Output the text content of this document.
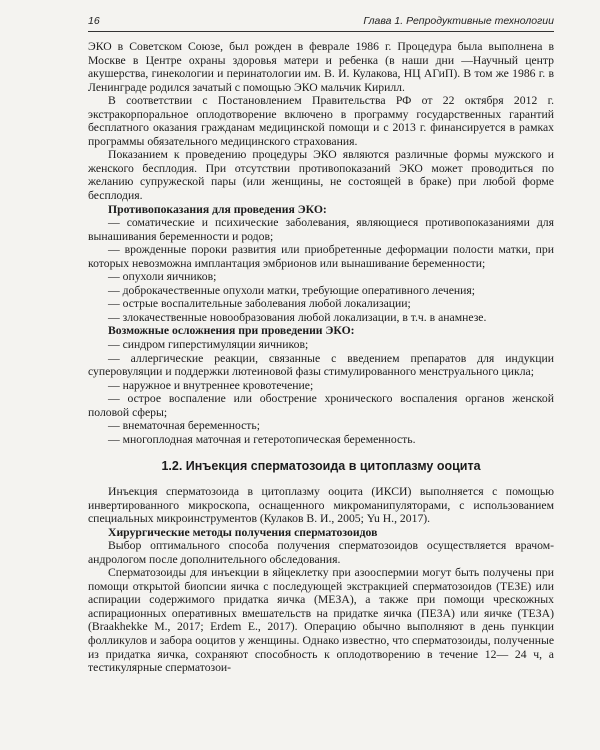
16	Глава 1. Репродуктивные технологии

ЭКО в Советском Союзе, был рожден в феврале 1986 г. Процедура была выполнена в Москве в Центре охраны здоровья матери и ребенка (в наши дни —Научный центр акушерства, гинекологии и перинатологии им. В. И. Кулакова, НЦ АГиП). В том же 1986 г. в Ленинграде родился зачатый с помощью ЭКО мальчик Кирилл.

В соответствии с Постановлением Правительства РФ от 22 октября 2012 г. экстракорпоральное оплодотворение включено в программу государственных гарантий бесплатного оказания гражданам медицинской помощи и с 2013 г. финансируется в рамках программы обязательного медицинского страхования.

Показанием к проведению процедуры ЭКО являются различные формы мужского и женского бесплодия. При отсутствии противопоказаний ЭКО может проводиться по желанию супружеской пары (или женщины, не состоящей в браке) при любой форме бесплодия.

Противопоказания для проведения ЭКО:

— соматические и психические заболевания, являющиеся противопоказаниями для вынашивания беременности и родов;

— врожденные пороки развития или приобретенные деформации полости матки, при которых невозможна имплантация эмбрионов или вынашивание беременности;

— опухоли яичников;

— доброкачественные опухоли матки, требующие оперативного лечения;

— острые воспалительные заболевания любой локализации;

— злокачественные новообразования любой локализации, в т.ч. в анамнезе.

Возможные осложнения при проведении ЭКО:

— синдром гиперстимуляции яичников;

— аллергические реакции, связанные с введением препаратов для индукции суперовуляции и поддержки лютеиновой фазы стимулированного менструального цикла;

— наружное и внутреннее кровотечение;

— острое воспаление или обострение хронического воспаления органов женской половой сферы;

— внематочная беременность;

— многоплодная маточная и гетеротопическая беременность.

1.2. Инъекция сперматозоида в цитоплазму ооцита

Инъекция сперматозоида в цитоплазму ооцита (ИКСИ) выполняется с помощью инвертированного микроскопа, оснащенного микроманипуляторами, с использованием специальных микроинструментов (Кулаков В. И., 2005; Yu H., 2017).

Хирургические методы получения сперматозоидов

Выбор оптимального способа получения сперматозоидов осуществляется врачом-андрологом после дополнительного обследования.

Сперматозоиды для инъекции в яйцеклетку при азооспермии могут быть получены при помощи открытой биопсии яичка с последующей экстракцией сперматозоидов (ТЕЗЕ) или аспирации содержимого придатка яичка (МЕЗА), а также при помощи чрескожных аспирационных оперативных вмешательств на придатке яичка (ПЕЗА) или яичке (ТЕЗА) (Braakhekke M., 2017; Erdem E., 2017). Операцию обычно выполняют в день пункции фолликулов и забора ооцитов у женщины. Однако известно, что сперматозоиды, полученные из придатка яичка, сохраняют способность к оплодотворению в течение 12— 24 ч, а тестикулярные сперматозои-
